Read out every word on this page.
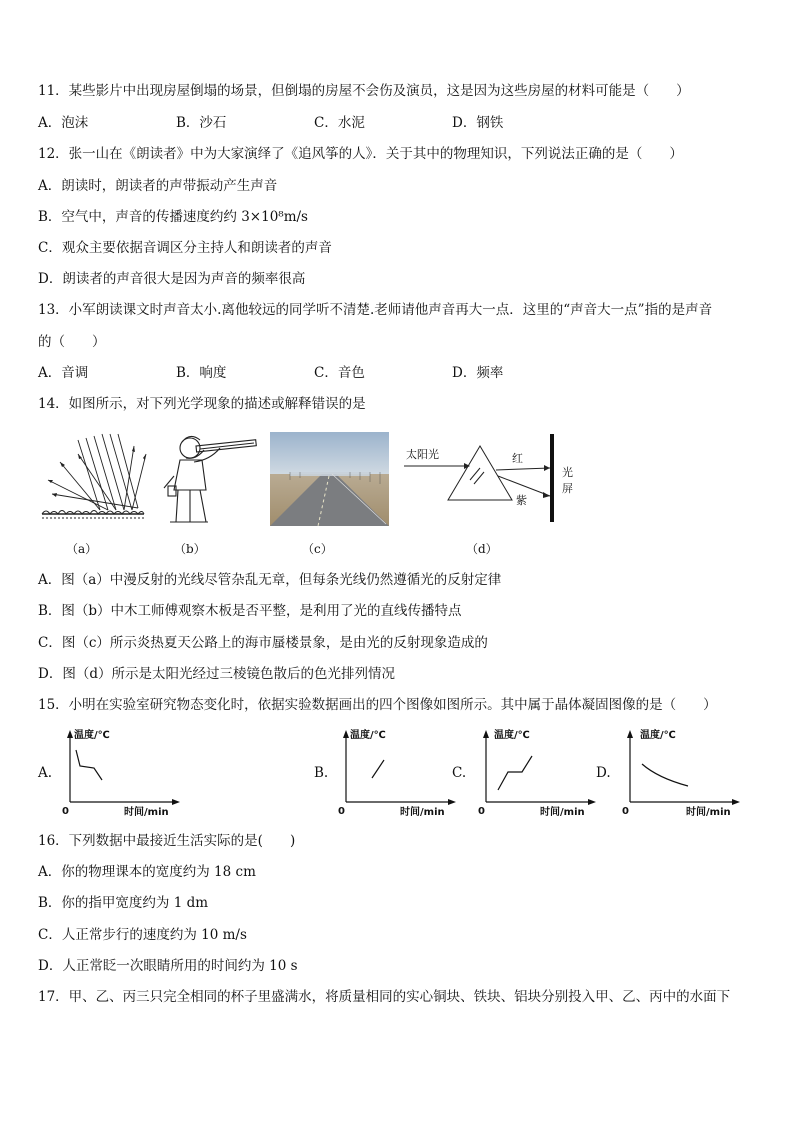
11．某些影片中出现房屋倒塌的场景，但倒塌的房屋不会伤及演员，这是因为这些房屋的材料可能是（　　）
A．泡沫	B．沙石	C．水泥	D．钢铁
12．张一山在《朗读者》中为大家演绎了《追风筝的人》．关于其中的物理知识，下列说法正确的是（　　）
A．朗读时，朗读者的声带振动产生声音
B．空气中，声音的传播速度约约 3×10⁸m/s
C．观众主要依据音调区分主持人和朗读者的声音
D．朗读者的声音很大是因为声音的频率很高
13．小军朗读课文时声音太小.离他较远的同学听不清楚.老师请他声音再大一点．这里的“声音大一点”指的是声音
的（　　）
A．音调	B．响度	C．音色	D．频率
14．如图所示，对下列光学现象的描述或解释错误的是
（a）	（b）	（c）
太阳光	红
紫
光
屏
（d）
A．图（a）中漫反射的光线尽管杂乱无章，但每条光线仍然遵循光的反射定律
B．图（b）中木工师傅观察木板是否平整，是利用了光的直线传播特点
C．图（c）所示炎热夏天公路上的海市蜃楼景象，是由光的反射现象造成的
D．图（d）所示是太阳光经过三棱镜色散后的色光排列情况
15．小明在实验室研究物态变化时，依据实验数据画出的四个图像如图所示。其中属于晶体凝固图像的是（　　）
A.	B.	C.	D.
温度/℃
时间/min
0
温度/℃
时间/min
0
温度/℃
时间/min
0
温度/℃
时间/min
0
16．下列数据中最接近生活实际的是(　　)
A．你的物理课本的宽度约为 18 cm
B．你的指甲宽度约为 1 dm
C．人正常步行的速度约为 10 m/s
D．人正常眨一次眼睛所用的时间约为 10 s
17．甲、乙、丙三只完全相同的杯子里盛满水，将质量相同的实心铜块、铁块、铝块分别投入甲、乙、丙中的水面下
